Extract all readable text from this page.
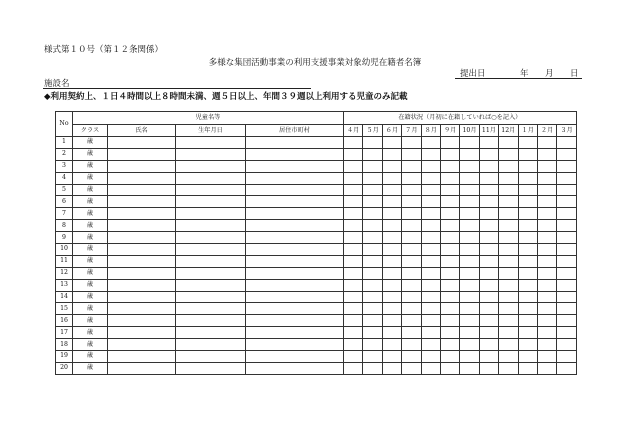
様式第１０号（第１２条関係）
多様な集団活動事業の利用支援事業対象幼児在籍者名簿
提出日	年 月 日
施設名
◆利用契約上、１日４時間以上８時間未満、週５日以上、年間３９週以上利用する児童のみ記載
No	児童名等				在籍状況（月初に在籍していれば○を記入）											
	クラス	氏名	生年月日	居住市町村	４月	５月	６月	７月	８月	９月	10月	11月	12月	１月	２月	３月
1	歳															
2	歳															
3	歳															
4	歳															
5	歳															
6	歳															
7	歳															
8	歳															
9	歳															
10	歳															
11	歳															
12	歳															
13	歳															
14	歳															
15	歳															
16	歳															
17	歳															
18	歳															
19	歳															
20	歳															
